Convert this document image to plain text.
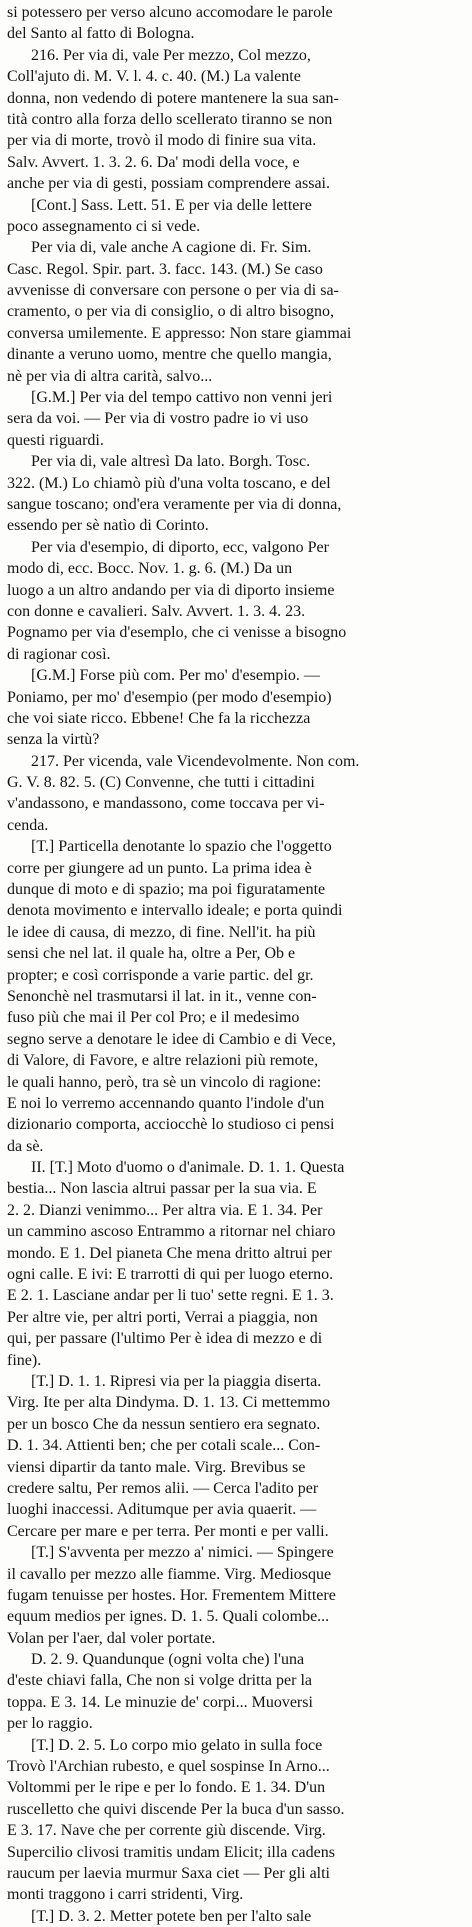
si potessero per verso alcuno accomodare le parole
del Santo al fatto di Bologna.
216. Per via di, vale Per mezzo, Col mezzo,
Coll'ajuto di. M. V. l. 4. c. 40. (M.) La valente
donna, non vedendo di potere mantenere la sua san-
tità contro alla forza dello scellerato tiranno se non
per via di morte, trovò il modo di finire sua vita.
Salv. Avvert. 1. 3. 2. 6. Da' modi della voce, e
anche per via di gesti, possiam comprendere assai.
[Cont.] Sass. Lett. 51. E per via delle lettere
poco assegnamento ci si vede.
Per via di, vale anche A cagione di. Fr. Sim.
Casc. Regol. Spir. part. 3. facc. 143. (M.) Se caso
avvenisse di conversare con persone o per via di sa-
cramento, o per via di consiglio, o di altro bisogno,
conversa umilemente. E appresso: Non stare giammai
dinante a veruno uomo, mentre che quello mangia,
nè per via di altra carità, salvo...
[G.M.] Per via del tempo cattivo non venni jeri
sera da voi. — Per via di vostro padre io vi uso
questi riguardi.
Per via di, vale altresì Da lato. Borgh. Tosc.
322. (M.) Lo chiamò più d'una volta toscano, e del
sangue toscano; ond'era veramente per via di donna,
essendo per sè natìo di Corinto.
Per via d'esempio, di diporto, ecc, valgono Per
modo di, ecc. Bocc. Nov. 1. g. 6. (M.) Da un
luogo a un altro andando per via di diporto insieme
con donne e cavalieri. Salv. Avvert. 1. 3. 4. 23.
Pognamo per via d'esemplo, che ci venisse a bisogno
di ragionar così.
[G.M.] Forse più com. Per mo' d'esempio. —
Poniamo, per mo' d'esempio (per modo d'esempio)
che voi siate ricco. Ebbene! Che fa la ricchezza
senza la virtù?
217. Per vicenda, vale Vicendevolmente. Non com.
G. V. 8. 82. 5. (C) Convenne, che tutti i cittadini
v'andassono, e mandassono, come toccava per vi-
cenda.
[T.] Particella denotante lo spazio che l'oggetto
corre per giungere ad un punto. La prima idea è
dunque di moto e di spazio; ma poi figuratamente
denota movimento e intervallo ideale; e porta quindi
le idee di causa, di mezzo, di fine. Nell'it. ha più
sensi che nel lat. il quale ha, oltre a Per, Ob e
propter; e così corrisponde a varie partic. del gr.
Senonchè nel trasmutarsi il lat. in it., venne con-
fuso più che mai il Per col Pro; e il medesimo
segno serve a denotare le idee di Cambio e di Vece,
di Valore, di Favore, e altre relazioni più remote,
le quali hanno, però, tra sè un vincolo di ragione:
E noi lo verremo accennando quanto l'indole d'un
dizionario comporta, acciocchè lo studioso ci pensi
da sè.
II. [T.] Moto d'uomo o d'animale. D. 1. 1. Questa
bestia... Non lascia altrui passar per la sua via. E
2. 2. Dianzi venimmo... Per altra via. E 1. 34. Per
un cammino ascoso Entrammo a ritornar nel chiaro
mondo. E 1. Del pianeta Che mena dritto altrui per
ogni calle. E ivi: E trarrotti di qui per luogo eterno.
E 2. 1. Lasciane andar per li tuo' sette regni. E 1. 3.
Per altre vie, per altri porti, Verrai a piaggia, non
qui, per passare (l'ultimo Per è idea di mezzo e di
fine).
[T.] D. 1. 1. Ripresi via per la piaggia diserta.
Virg. Ite per alta Dindyma. D. 1. 13. Ci mettemmo
per un bosco Che da nessun sentiero era segnato.
D. 1. 34. Attienti ben; che per cotali scale... Con-
viensi dipartir da tanto male. Virg. Brevibus se
credere saltu, Per remos alii. — Cerca l'adito per
luoghi inaccessi. Aditumque per avia quaerit. —
Cercare per mare e per terra. Per monti e per valli.
[T.] S'avventa per mezzo a' nimici. — Spingere
il cavallo per mezzo alle fiamme. Virg. Mediosque
fugam tenuisse per hostes. Hor. Frementem Mittere
equum medios per ignes. D. 1. 5. Quali colombe...
Volan per l'aer, dal voler portate.
D. 2. 9. Quandunque (ogni volta che) l'una
d'este chiavi falla, Che non si volge dritta per la
toppa. E 3. 14. Le minuzie de' corpi... Muoversi
per lo raggio.
[T.] D. 2. 5. Lo corpo mio gelato in sulla foce
Trovò l'Archian rubesto, e quel sospinse In Arno...
Voltommi per le ripe e per lo fondo. E 1. 34. D'un
ruscelletto che quivi discende Per la buca d'un sasso.
E 3. 17. Nave che per corrente giù discende. Virg.
Supercilio clivosi tramitis undam Elicit; illa cadens
raucum per laevia murmur Saxa ciet — Per gli alti
monti traggono i carri stridenti, Virg.
[T.] D. 3. 2. Metter potete ben per l'alto sale
